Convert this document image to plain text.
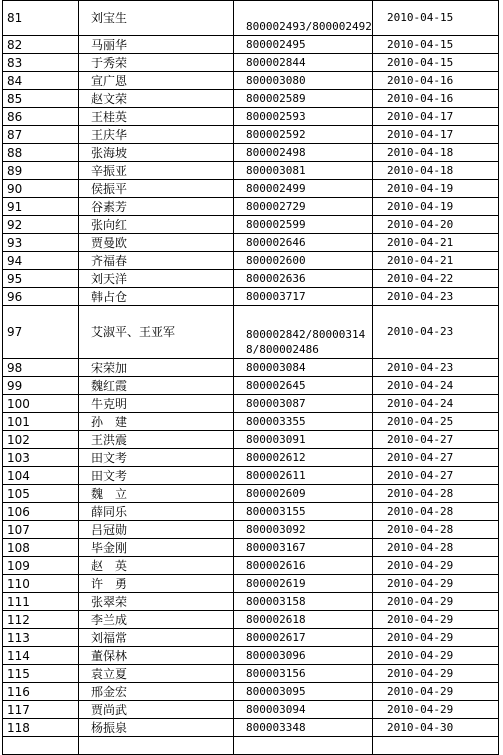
81	刘宝生	800002493/800002492	2010-04-15
82	马丽华	800002495	2010-04-15
83	于秀荣	800002844	2010-04-15
84	宣广恩	800003080	2010-04-16
85	赵文荣	800002589	2010-04-16
86	王桂英	800002593	2010-04-17
87	王庆华	800002592	2010-04-17
88	张海坡	800002498	2010-04-18
89	辛振亚	800003081	2010-04-18
90	侯振平	800002499	2010-04-19
91	谷素芳	800002729	2010-04-19
92	张向红	800002599	2010-04-20
93	贾曼欧	800002646	2010-04-21
94	齐福春	800002600	2010-04-21
95	刘天洋	800002636	2010-04-22
96	韩占仓	800003717	2010-04-23
97	艾淑平、王亚军	800002842/800003148/800002486	2010-04-23
98	宋荣加	800003084	2010-04-23
99	魏红霞	800002645	2010-04-24
100	牛克明	800003087	2010-04-24
101	孙　建	800003355	2010-04-25
102	王洪震	800003091	2010-04-27
103	田文考	800002612	2010-04-27
104	田文考	800002611	2010-04-27
105	魏　立	800002609	2010-04-28
106	薛同乐	800003155	2010-04-28
107	吕冠勋	800003092	2010-04-28
108	毕金刚	800003167	2010-04-28
109	赵　英	800002616	2010-04-29
110	许　勇	800002619	2010-04-29
111	张翠荣	800003158	2010-04-29
112	李兰成	800002618	2010-04-29
113	刘福常	800002617	2010-04-29
114	董保林	800003096	2010-04-29
115	袁立夏	800003156	2010-04-29
116	邢金宏	800003095	2010-04-29
117	贾尚武	800003094	2010-04-29
118	杨振泉	800003348	2010-04-30
